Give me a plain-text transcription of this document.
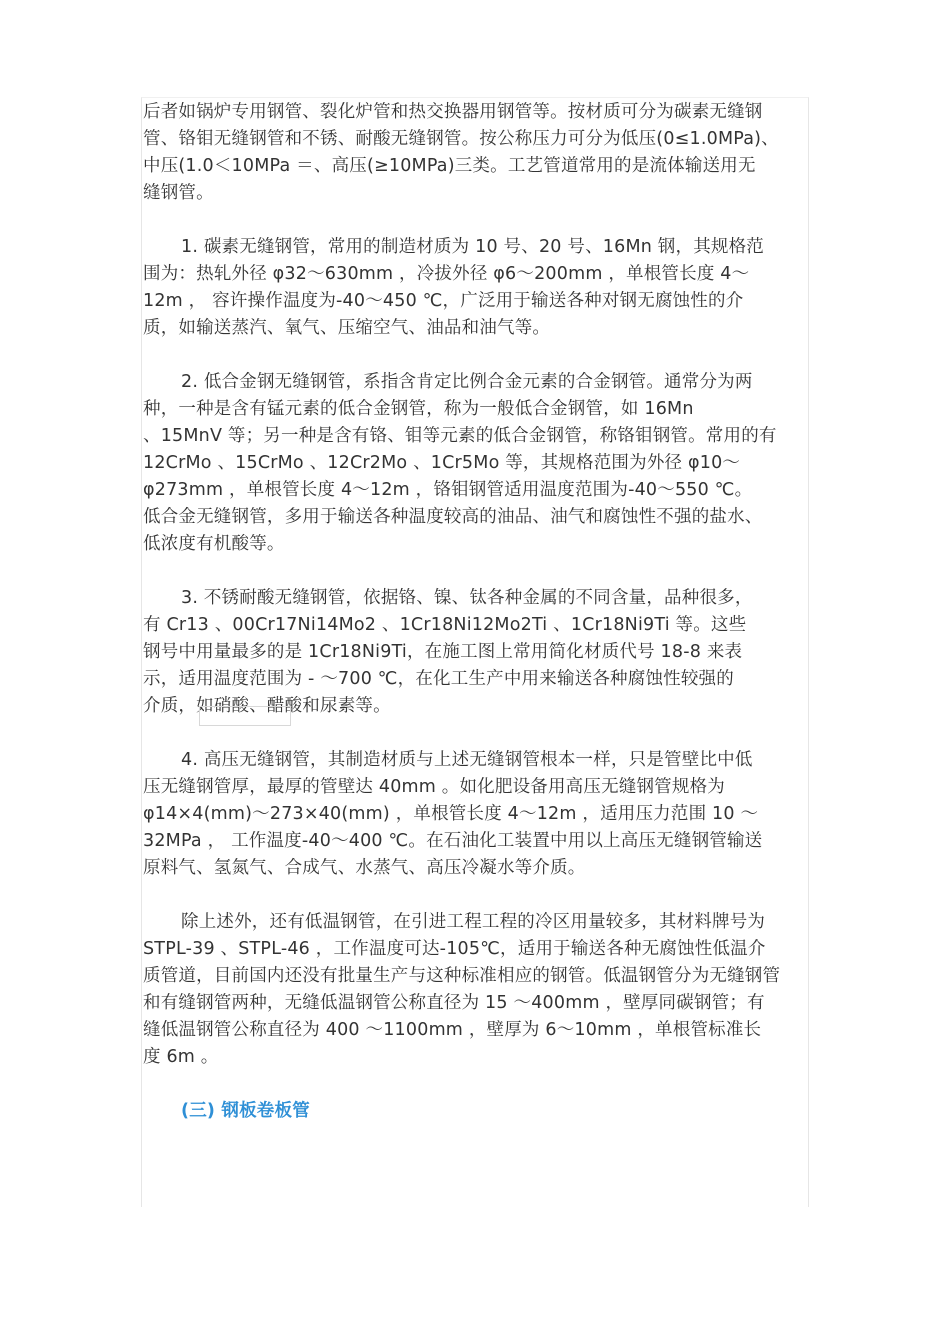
后者如锅炉专用钢管、裂化炉管和热交换器用钢管等。按材质可分为碳素无缝钢
管、铬钼无缝钢管和不锈、耐酸无缝钢管。按公称压力可分为低压(0≤1.0MPa)、
中压(1.0＜10MPa ＝、高压(≥10MPa)三类。工艺管道常用的是流体输送用无
缝钢管。

1. 碳素无缝钢管，常用的制造材质为 10 号、20 号、16Mn 钢，其规格范
围为：热轧外径 φ32～630mm ，冷拔外径 φ6～200mm ，单根管长度 4～
12m ， 容许操作温度为-40～450 ℃，广泛用于输送各种对钢无腐蚀性的介
质，如输送蒸汽、氧气、压缩空气、油品和油气等。

2. 低合金钢无缝钢管，系指含肯定比例合金元素的合金钢管。通常分为两
种，一种是含有锰元素的低合金钢管，称为一般低合金钢管，如 16Mn
、15MnV 等；另一种是含有铬、钼等元素的低合金钢管，称铬钼钢管。常用的有
12CrMo 、15CrMo 、12Cr2Mo 、1Cr5Mo 等，其规格范围为外径 φ10～
φ273mm ，单根管长度 4～12m ，铬钼钢管适用温度范围为-40～550 ℃。
低合金无缝钢管，多用于输送各种温度较高的油品、油气和腐蚀性不强的盐水、
低浓度有机酸等。

3. 不锈耐酸无缝钢管，依据铬、镍、钛各种金属的不同含量，品种很多，
有 Cr13 、00Cr17Ni14Mo2 、1Cr18Ni12Mo2Ti 、1Cr18Ni9Ti 等。这些
钢号中用量最多的是 1Cr18Ni9Ti，在施工图上常用简化材质代号 18-8 来表
示，适用温度范围为 - ～700 ℃，在化工生产中用来输送各种腐蚀性较强的
介质，如硝酸、醋酸和尿素等。

4. 高压无缝钢管，其制造材质与上述无缝钢管根本一样，只是管壁比中低
压无缝钢管厚，最厚的管壁达 40mm 。如化肥设备用高压无缝钢管规格为
φ14×4(mm)～273×40(mm) ，单根管长度 4～12m ，适用压力范围 10 ～
32MPa ， 工作温度-40～400 ℃。在石油化工装置中用以上高压无缝钢管输送
原料气、氢氮气、合成气、水蒸气、高压冷凝水等介质。

除上述外，还有低温钢管，在引进工程工程的冷区用量较多，其材料牌号为
STPL-39 、STPL-46 ，工作温度可达-105℃，适用于输送各种无腐蚀性低温介
质管道，目前国内还没有批量生产与这种标准相应的钢管。低温钢管分为无缝钢管
和有缝钢管两种，无缝低温钢管公称直径为 15 ～400mm ，壁厚同碳钢管；有
缝低温钢管公称直径为 400 ～1100mm ，壁厚为 6～10mm ，单根管标准长
度 6m 。

(三) 钢板卷板管
